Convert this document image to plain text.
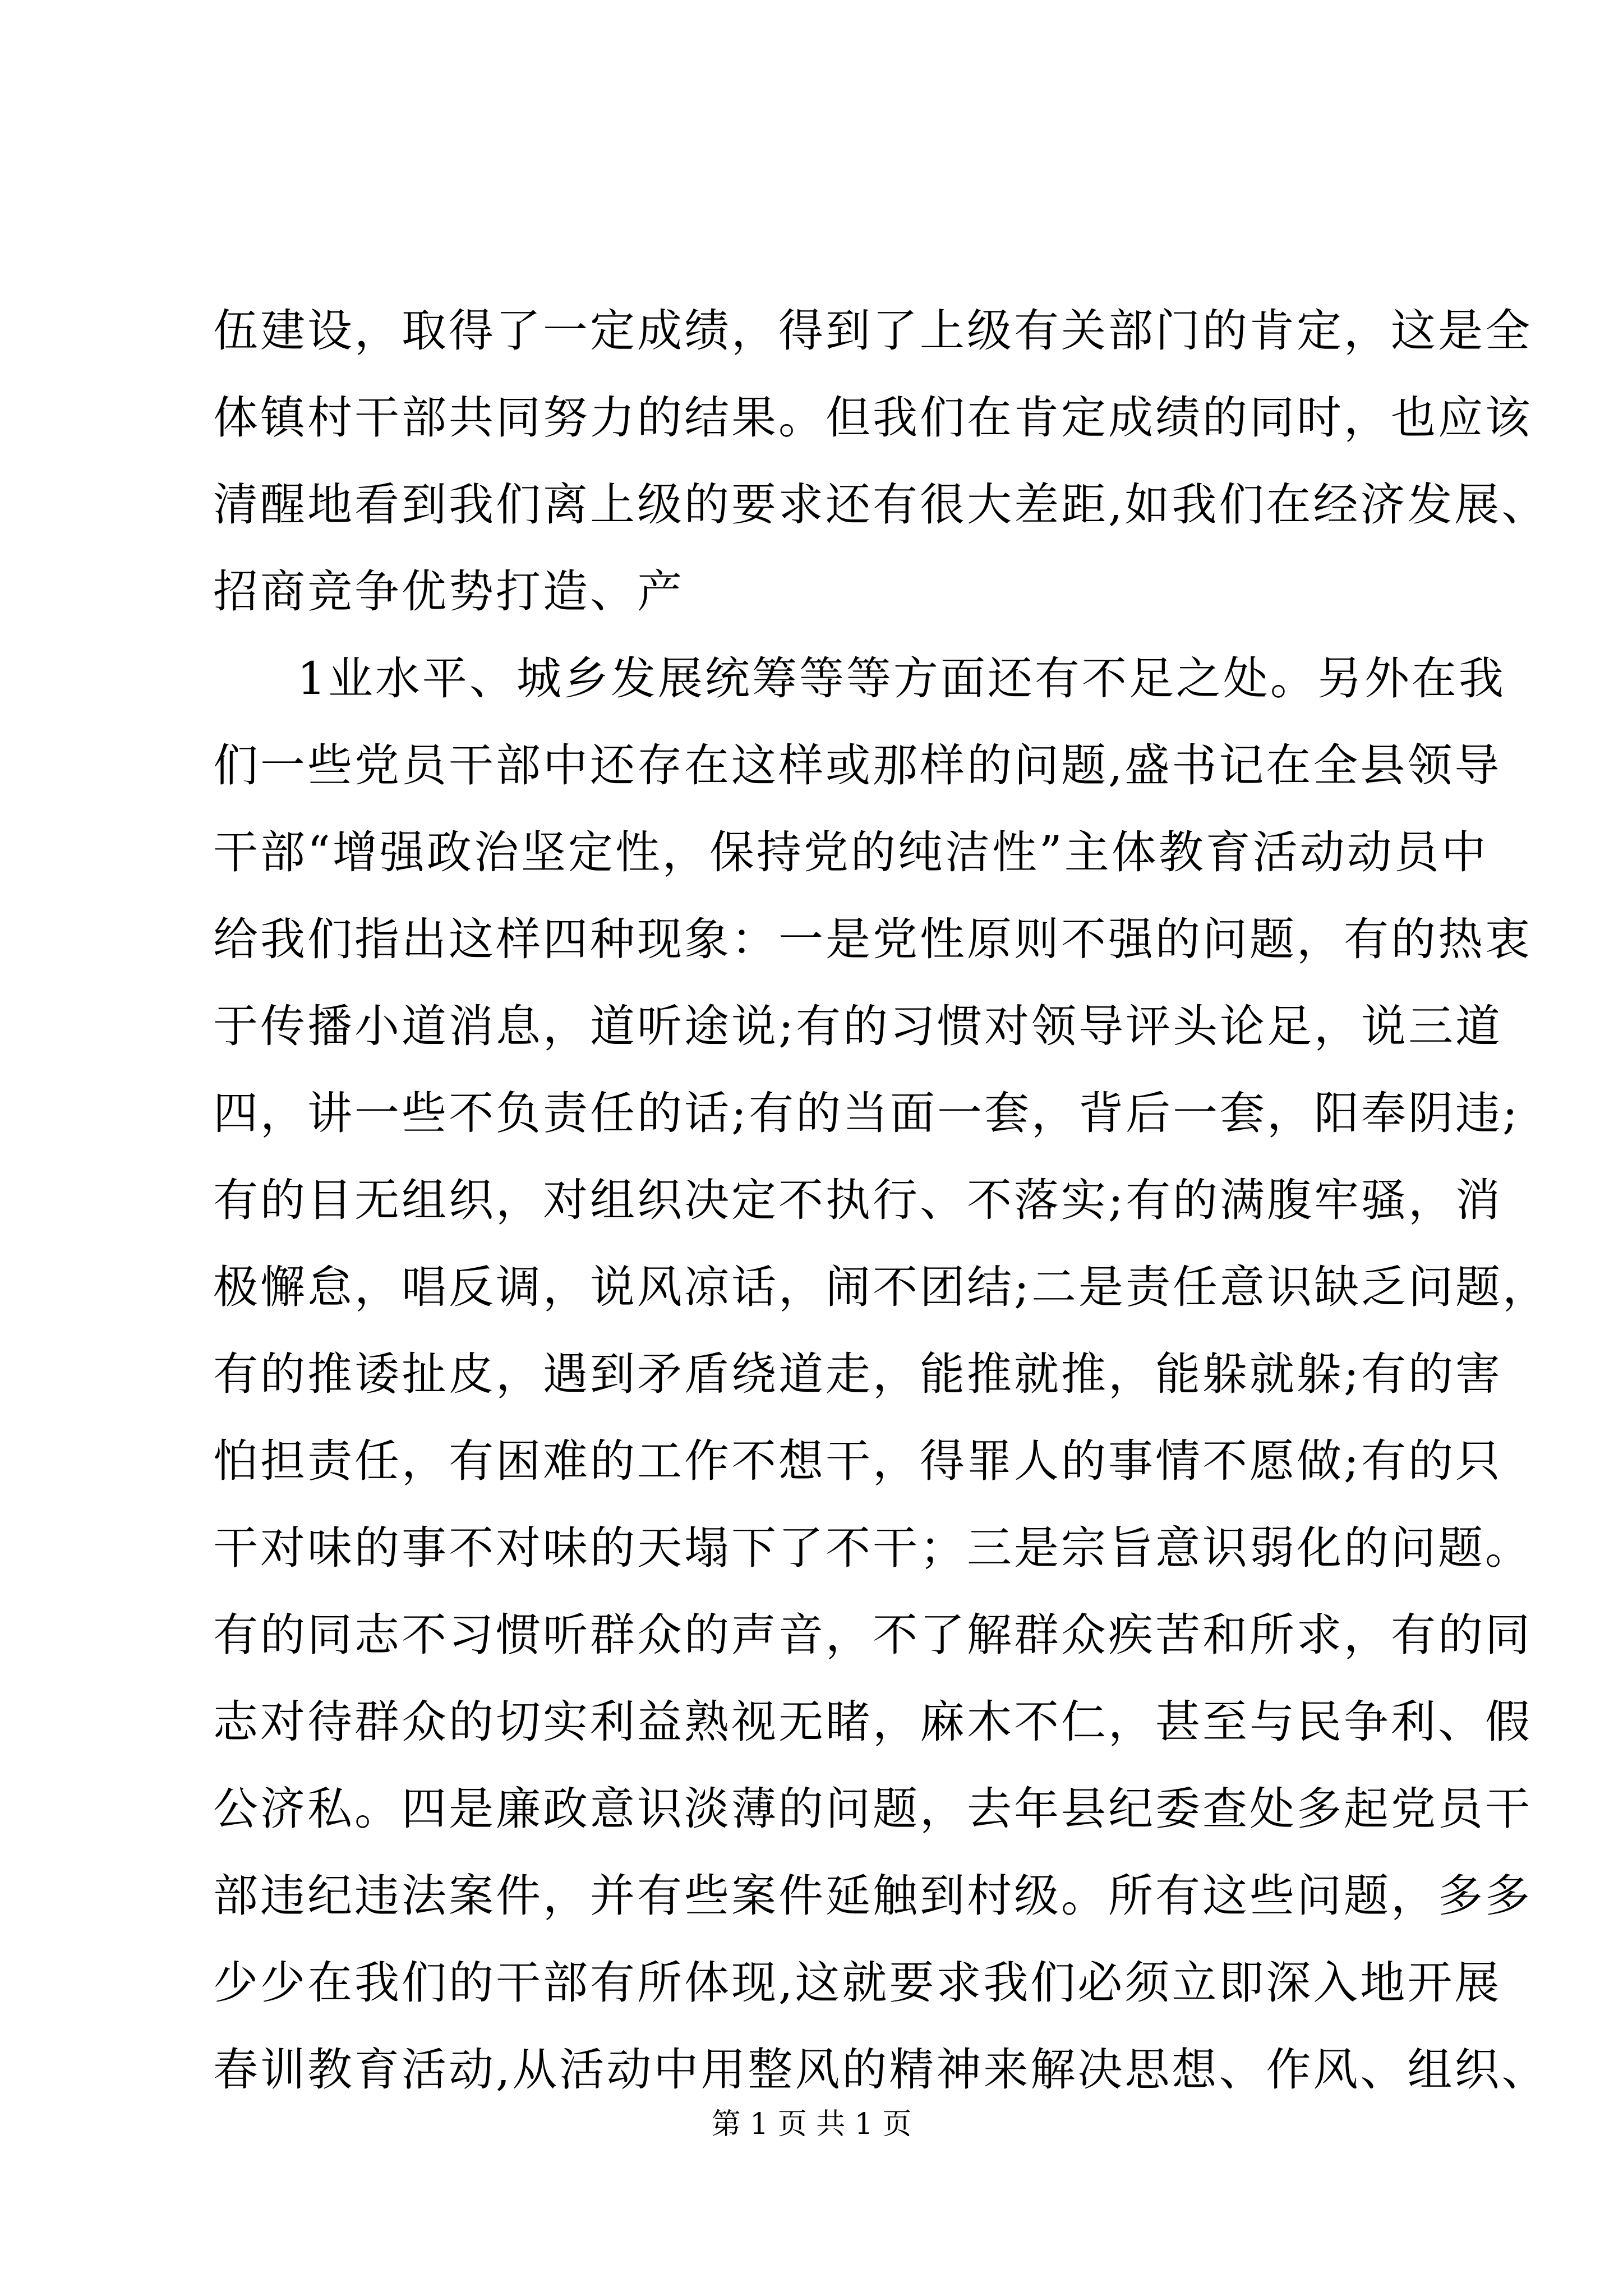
伍建设，取得了一定成绩，得到了上级有关部门的肯定，这是全
体镇村干部共同努力的结果。但我们在肯定成绩的同时，也应该
清醒地看到我们离上级的要求还有很大差距,如我们在经济发展、
招商竞争优势打造、产
1业水平、城乡发展统筹等等方面还有不足之处。另外在我
们一些党员干部中还存在这样或那样的问题,盛书记在全县领导
干部“增强政治坚定性，保持党的纯洁性”主体教育活动动员中
给我们指出这样四种现象：一是党性原则不强的问题，有的热衷
于传播小道消息，道听途说;有的习惯对领导评头论足，说三道
四，讲一些不负责任的话;有的当面一套，背后一套，阳奉阴违;
有的目无组织，对组织决定不执行、不落实;有的满腹牢骚，消
极懈怠，唱反调，说风凉话，闹不团结;二是责任意识缺乏问题，
有的推诿扯皮，遇到矛盾绕道走，能推就推，能躲就躲;有的害
怕担责任，有困难的工作不想干，得罪人的事情不愿做;有的只
干对味的事不对味的天塌下了不干；三是宗旨意识弱化的问题。
有的同志不习惯听群众的声音，不了解群众疾苦和所求，有的同
志对待群众的切实利益熟视无睹，麻木不仁，甚至与民争利、假
公济私。四是廉政意识淡薄的问题，去年县纪委查处多起党员干
部违纪违法案件，并有些案件延触到村级。所有这些问题，多多
少少在我们的干部有所体现,这就要求我们必须立即深入地开展
春训教育活动,从活动中用整风的精神来解决思想、作风、组织、
第 1 页 共 1 页
